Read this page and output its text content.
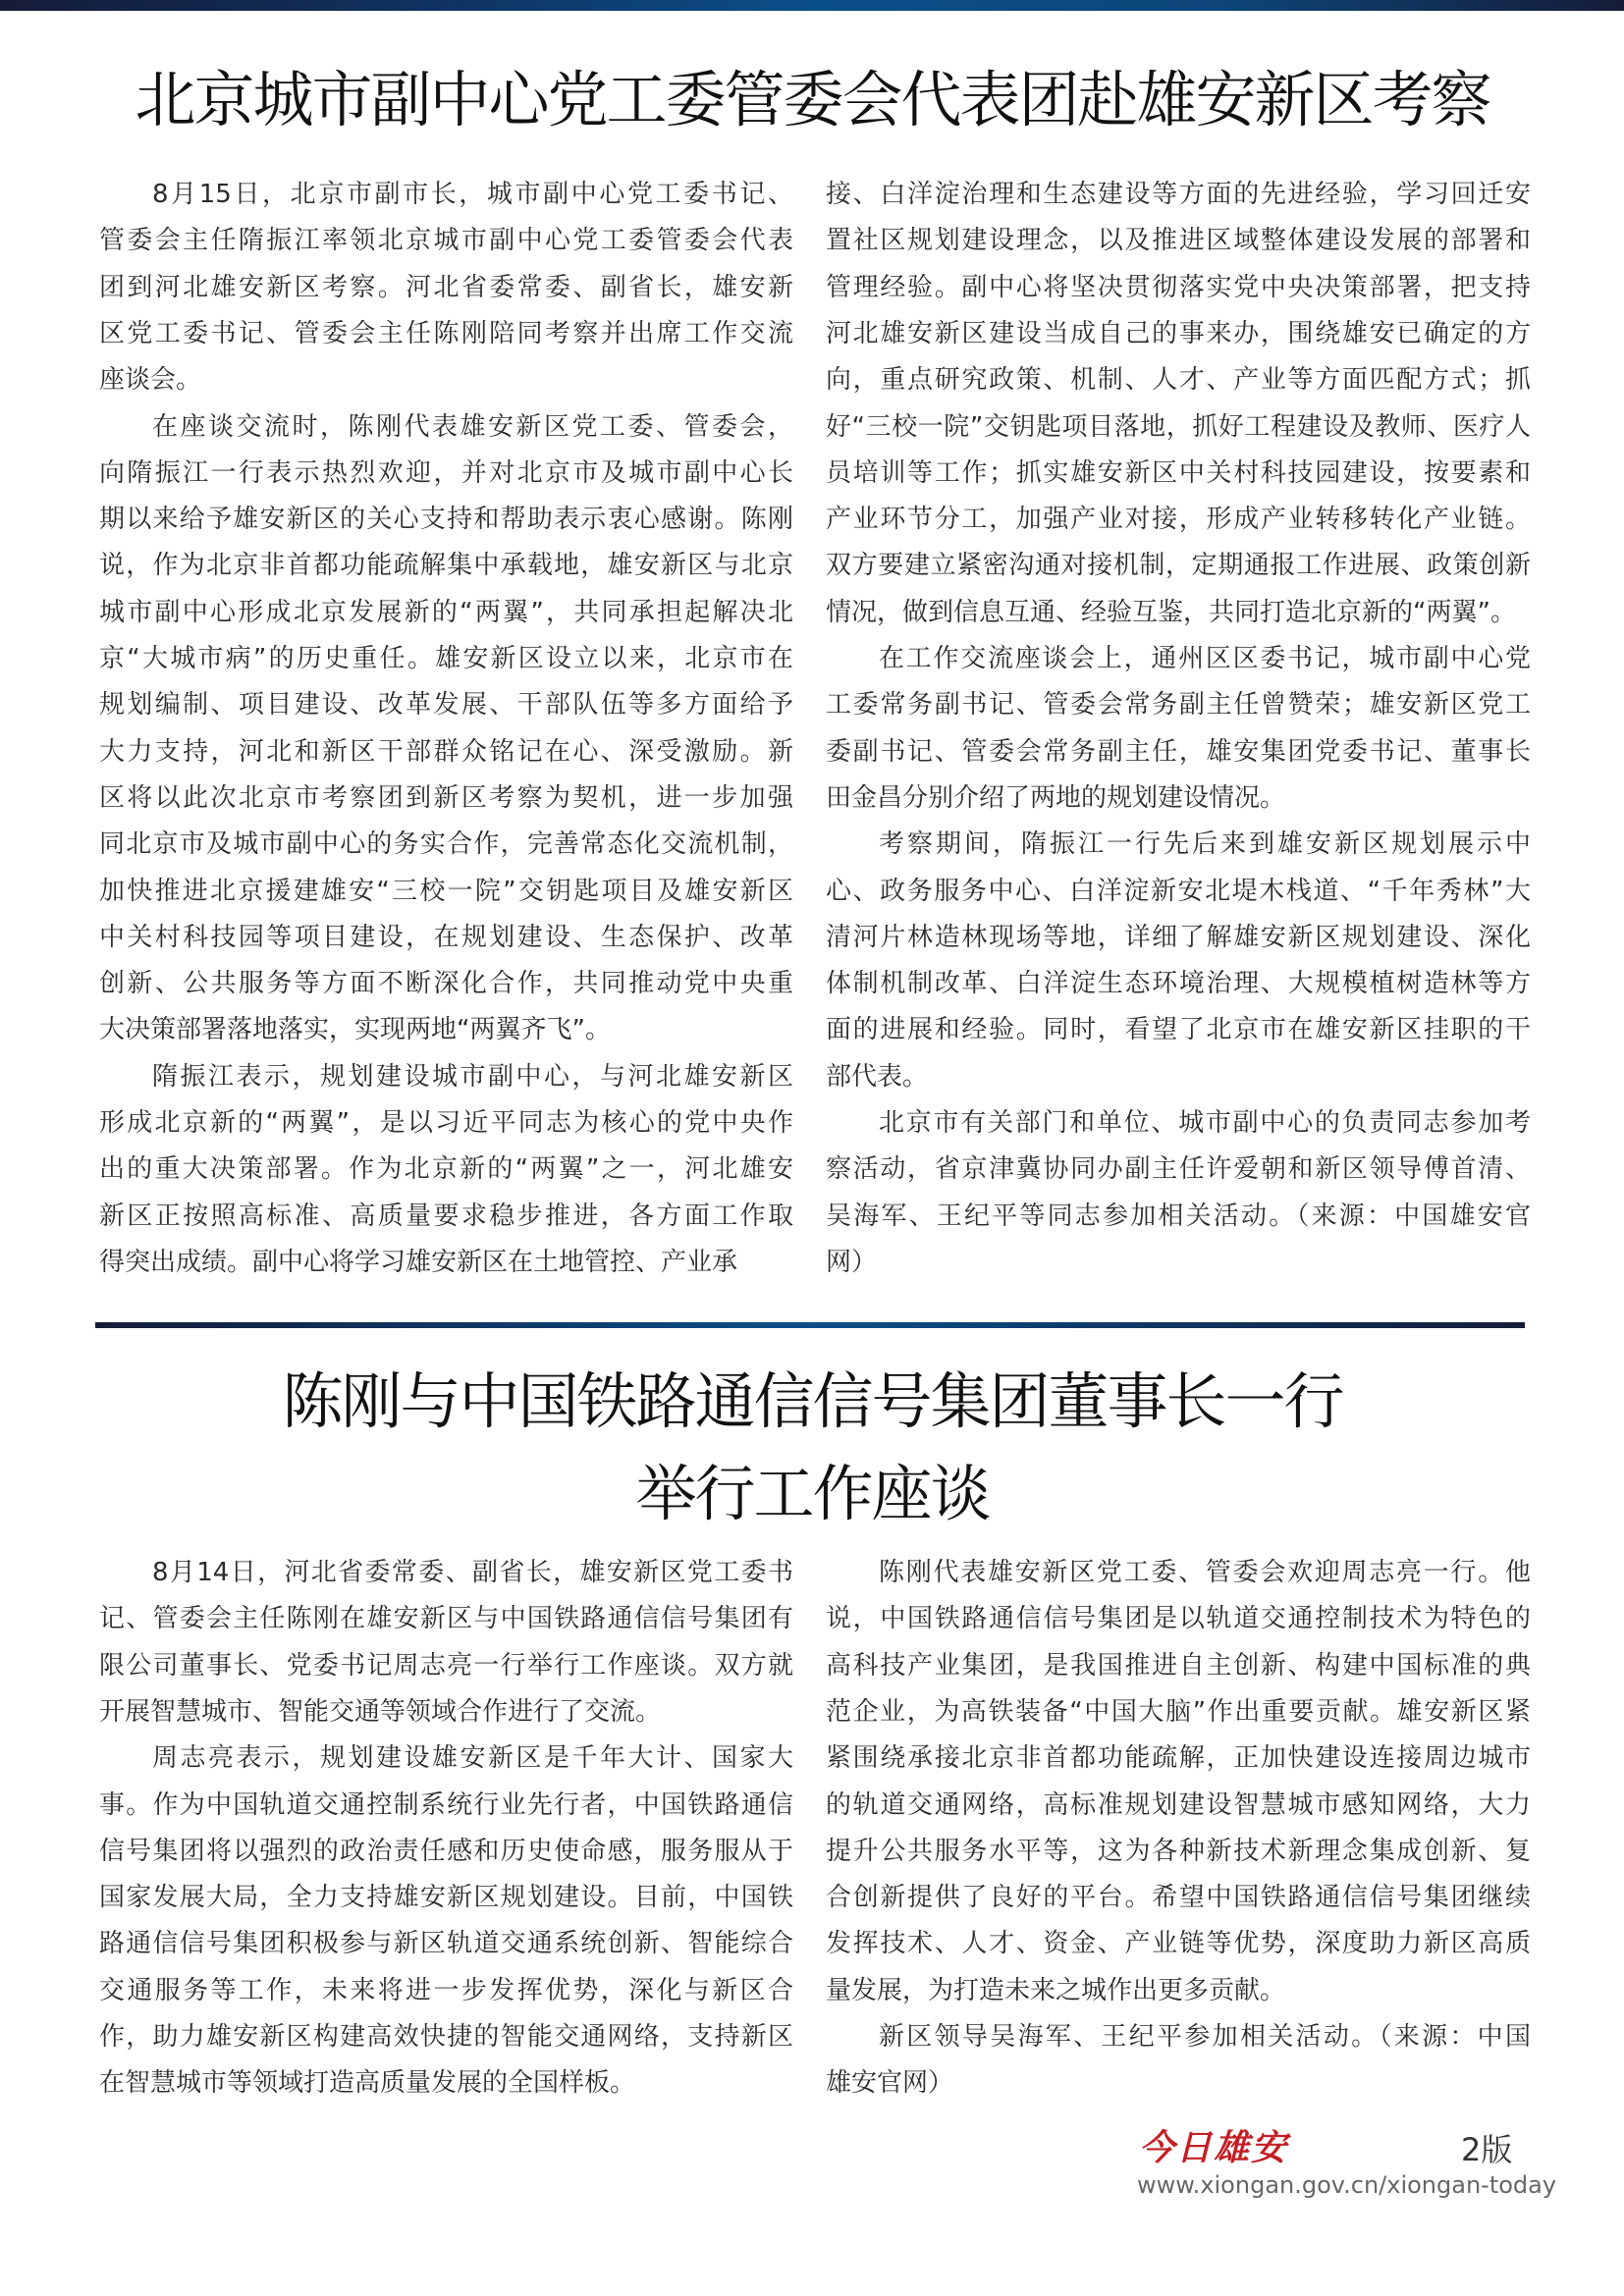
北京城市副中心党工委管委会代表团赴雄安新区考察
8月15日，北京市副市长，城市副中心党工委书记、
管委会主任隋振江率领北京城市副中心党工委管委会代表
团到河北雄安新区考察。河北省委常委、副省长，雄安新
区党工委书记、管委会主任陈刚陪同考察并出席工作交流
座谈会。
在座谈交流时，陈刚代表雄安新区党工委、管委会，
向隋振江一行表示热烈欢迎，并对北京市及城市副中心长
期以来给予雄安新区的关心支持和帮助表示衷心感谢。陈刚
说，作为北京非首都功能疏解集中承载地，雄安新区与北京
城市副中心形成北京发展新的“两翼”，共同承担起解决北
京“大城市病”的历史重任。雄安新区设立以来，北京市在
规划编制、项目建设、改革发展、干部队伍等多方面给予
大力支持，河北和新区干部群众铭记在心、深受激励。新
区将以此次北京市考察团到新区考察为契机，进一步加强
同北京市及城市副中心的务实合作，完善常态化交流机制，
加快推进北京援建雄安“三校一院”交钥匙项目及雄安新区
中关村科技园等项目建设，在规划建设、生态保护、改革
创新、公共服务等方面不断深化合作，共同推动党中央重
大决策部署落地落实，实现两地“两翼齐飞”。
隋振江表示，规划建设城市副中心，与河北雄安新区
形成北京新的“两翼”，是以习近平同志为核心的党中央作
出的重大决策部署。作为北京新的“两翼”之一，河北雄安
新区正按照高标准、高质量要求稳步推进，各方面工作取
得突出成绩。副中心将学习雄安新区在土地管控、产业承
接、白洋淀治理和生态建设等方面的先进经验，学习回迁安
置社区规划建设理念，以及推进区域整体建设发展的部署和
管理经验。副中心将坚决贯彻落实党中央决策部署，把支持
河北雄安新区建设当成自己的事来办，围绕雄安已确定的方
向，重点研究政策、机制、人才、产业等方面匹配方式；抓
好“三校一院”交钥匙项目落地，抓好工程建设及教师、医疗人
员培训等工作；抓实雄安新区中关村科技园建设，按要素和
产业环节分工，加强产业对接，形成产业转移转化产业链。
双方要建立紧密沟通对接机制，定期通报工作进展、政策创新
情况，做到信息互通、经验互鉴，共同打造北京新的“两翼”。
在工作交流座谈会上，通州区区委书记，城市副中心党
工委常务副书记、管委会常务副主任曾赞荣；雄安新区党工
委副书记、管委会常务副主任，雄安集团党委书记、董事长
田金昌分别介绍了两地的规划建设情况。
考察期间，隋振江一行先后来到雄安新区规划展示中
心、政务服务中心、白洋淀新安北堤木栈道、“千年秀林”大
清河片林造林现场等地，详细了解雄安新区规划建设、深化
体制机制改革、白洋淀生态环境治理、大规模植树造林等方
面的进展和经验。同时，看望了北京市在雄安新区挂职的干
部代表。
北京市有关部门和单位、城市副中心的负责同志参加考
察活动，省京津冀协同办副主任许爱朝和新区领导傅首清、
吴海军、王纪平等同志参加相关活动。（来源：中国雄安官
网）
陈刚与中国铁路通信信号集团董事长一行
举行工作座谈
8月14日，河北省委常委、副省长，雄安新区党工委书
记、管委会主任陈刚在雄安新区与中国铁路通信信号集团有
限公司董事长、党委书记周志亮一行举行工作座谈。双方就
开展智慧城市、智能交通等领域合作进行了交流。
周志亮表示，规划建设雄安新区是千年大计、国家大
事。作为中国轨道交通控制系统行业先行者，中国铁路通信
信号集团将以强烈的政治责任感和历史使命感，服务服从于
国家发展大局，全力支持雄安新区规划建设。目前，中国铁
路通信信号集团积极参与新区轨道交通系统创新、智能综合
交通服务等工作，未来将进一步发挥优势，深化与新区合
作，助力雄安新区构建高效快捷的智能交通网络，支持新区
在智慧城市等领域打造高质量发展的全国样板。
陈刚代表雄安新区党工委、管委会欢迎周志亮一行。他
说，中国铁路通信信号集团是以轨道交通控制技术为特色的
高科技产业集团，是我国推进自主创新、构建中国标准的典
范企业，为高铁装备“中国大脑”作出重要贡献。雄安新区紧
紧围绕承接北京非首都功能疏解，正加快建设连接周边城市
的轨道交通网络，高标准规划建设智慧城市感知网络，大力
提升公共服务水平等，这为各种新技术新理念集成创新、复
合创新提供了良好的平台。希望中国铁路通信信号集团继续
发挥技术、人才、资金、产业链等优势，深度助力新区高质
量发展，为打造未来之城作出更多贡献。
新区领导吴海军、王纪平参加相关活动。（来源：中国
雄安官网）
今日雄安	2版
www.xiongan.gov.cn/xiongan-today
